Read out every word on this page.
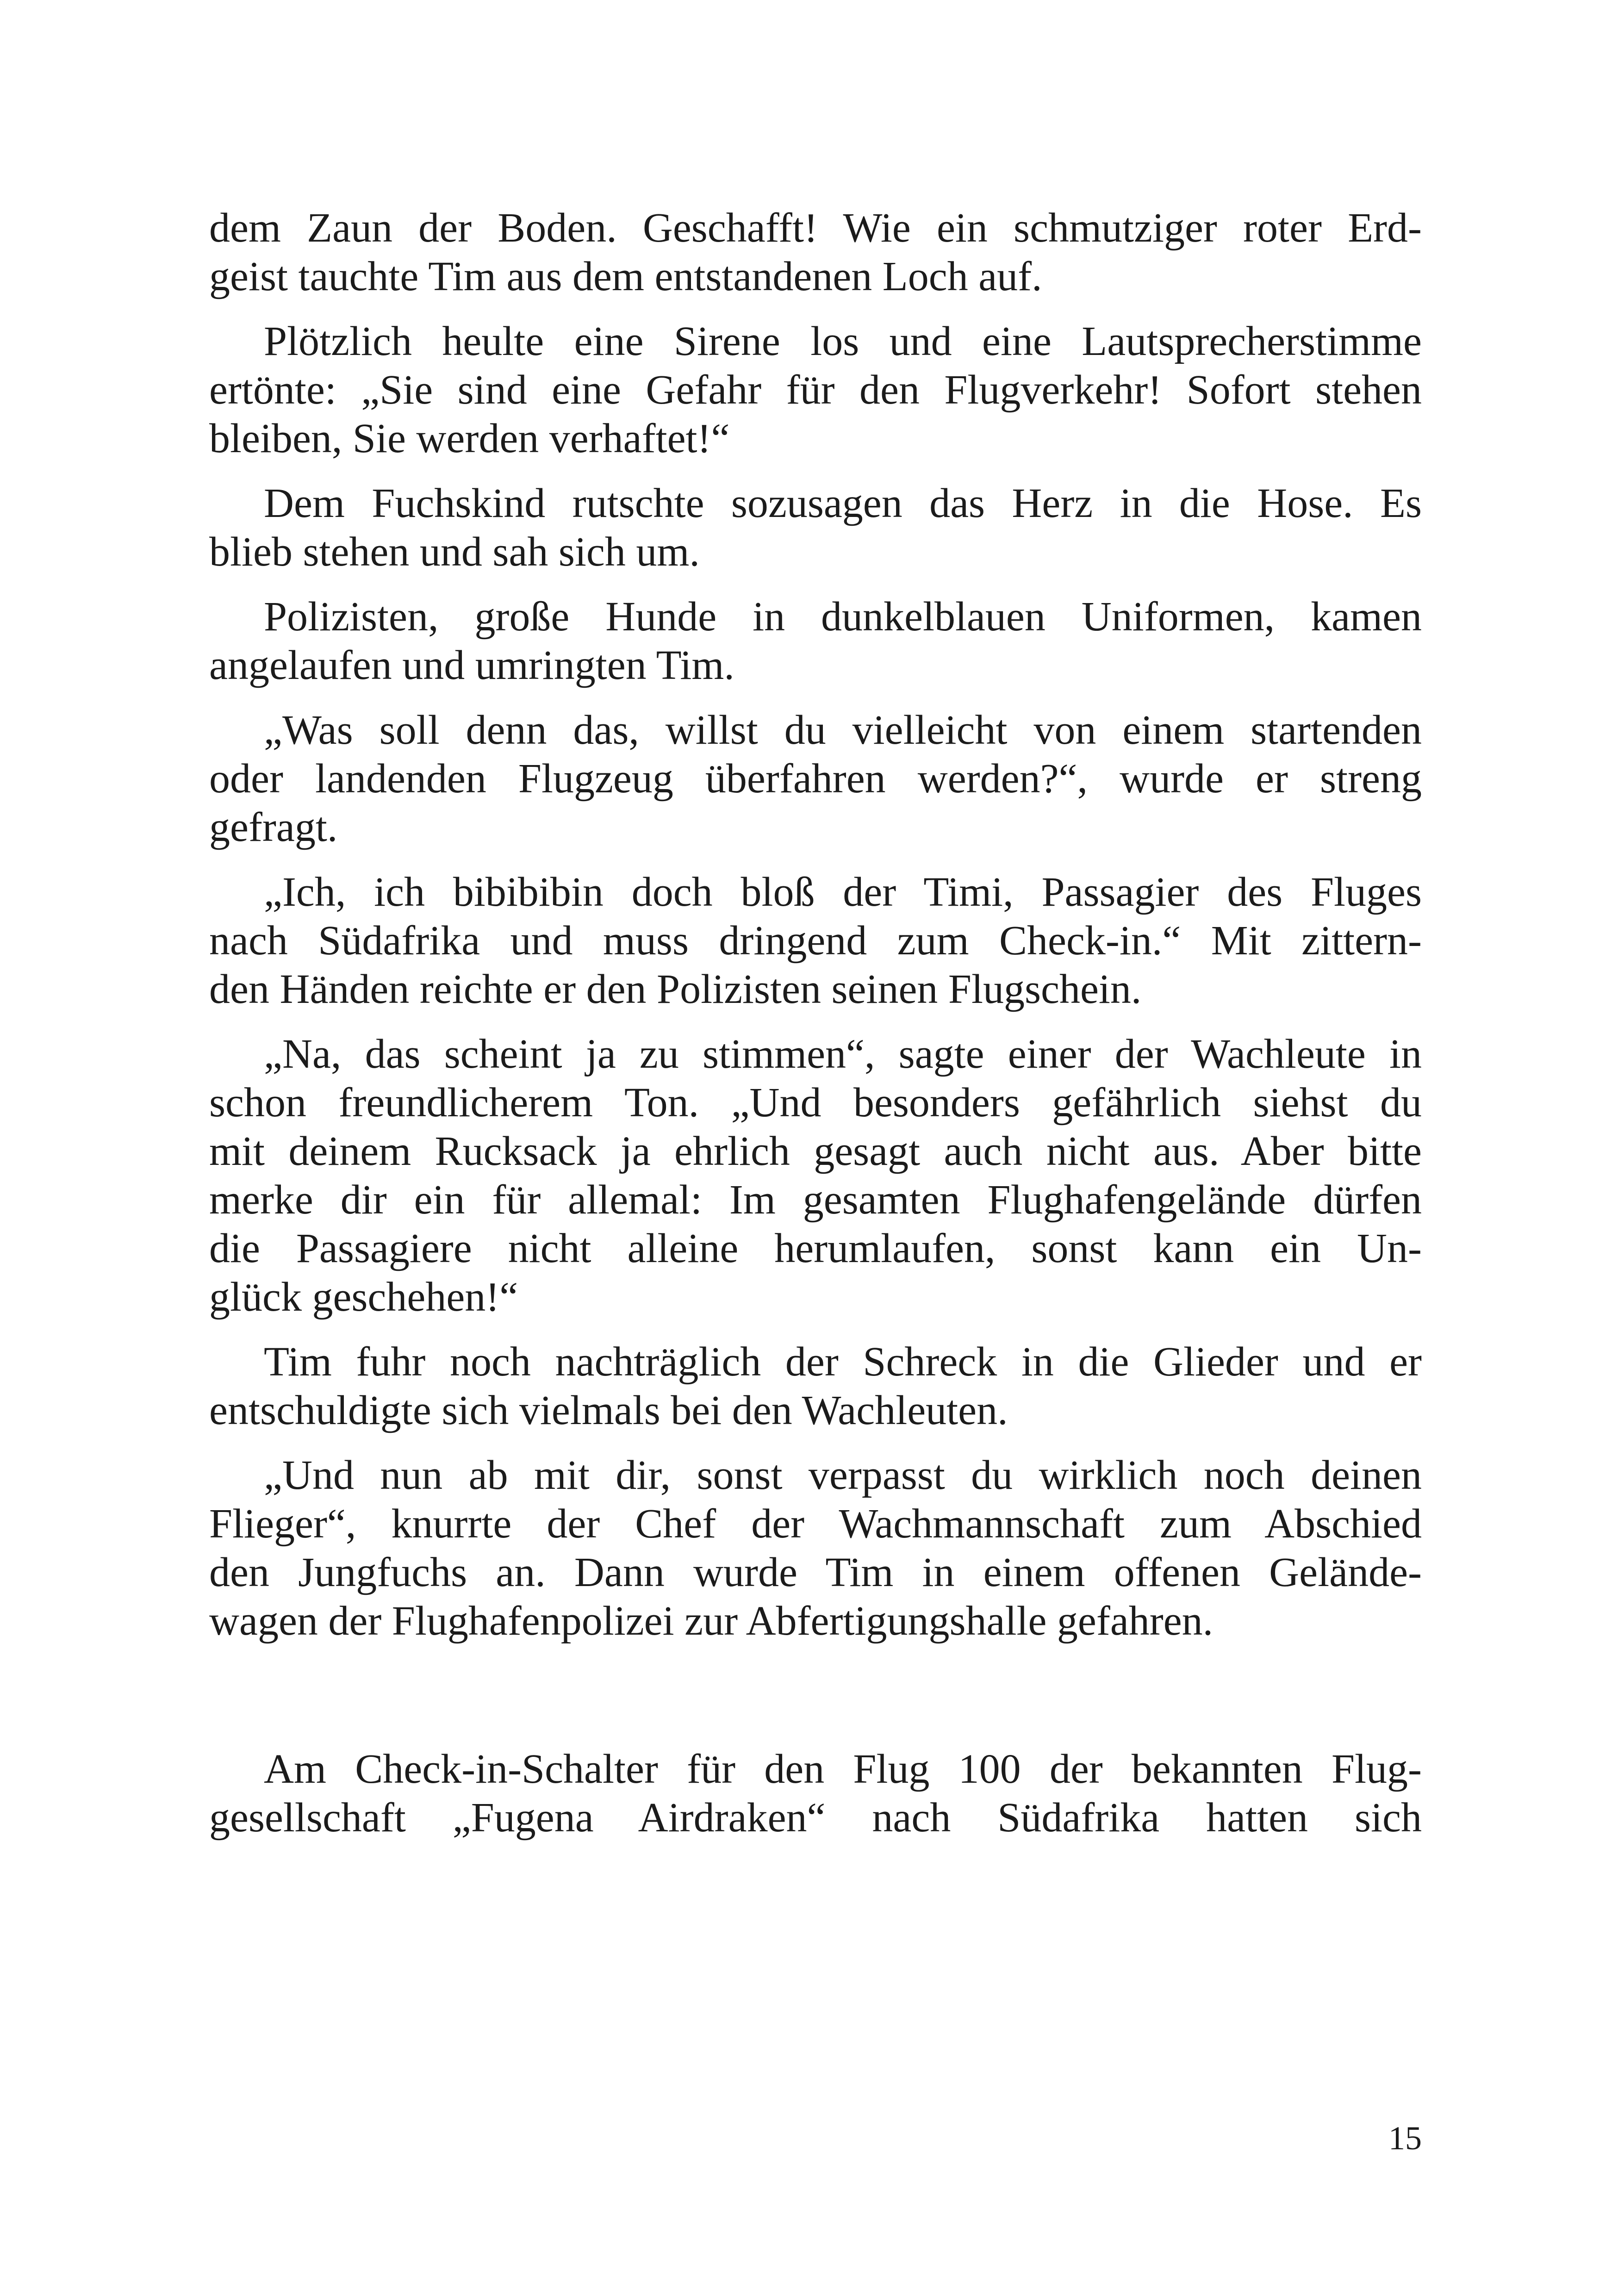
dem Zaun der Boden. Geschafft! Wie ein schmutziger roter Erd-
geist tauchte Tim aus dem entstandenen Loch auf.

Plötzlich heulte eine Sirene los und eine Lautsprecherstimme
ertönte: „Sie sind eine Gefahr für den Flugverkehr! Sofort stehen
bleiben, Sie werden verhaftet!“

Dem Fuchskind rutschte sozusagen das Herz in die Hose. Es
blieb stehen und sah sich um.

Polizisten, große Hunde in dunkelblauen Uniformen, kamen
angelaufen und umringten Tim.

„Was soll denn das, willst du vielleicht von einem startenden
oder landenden Flugzeug überfahren werden?“, wurde er streng
gefragt.

„Ich, ich bibibibin doch bloß der Timi, Passagier des Fluges
nach Südafrika und muss dringend zum Check-in.“ Mit zittern-
den Händen reichte er den Polizisten seinen Flugschein.

„Na, das scheint ja zu stimmen“, sagte einer der Wachleute in
schon freundlicherem Ton. „Und besonders gefährlich siehst du
mit deinem Rucksack ja ehrlich gesagt auch nicht aus. Aber bitte
merke dir ein für allemal: Im gesamten Flughafengelände dürfen
die Passagiere nicht alleine herumlaufen, sonst kann ein Un-
glück geschehen!“

Tim fuhr noch nachträglich der Schreck in die Glieder und er
entschuldigte sich vielmals bei den Wachleuten.

„Und nun ab mit dir, sonst verpasst du wirklich noch deinen
Flieger“, knurrte der Chef der Wachmannschaft zum Abschied
den Jungfuchs an. Dann wurde Tim in einem offenen Gelände-
wagen der Flughafenpolizei zur Abfertigungshalle gefahren.

Am Check-in-Schalter für den Flug 100 der bekannten Flug-
gesellschaft „Fugena Airdraken“ nach Südafrika hatten sich

15
